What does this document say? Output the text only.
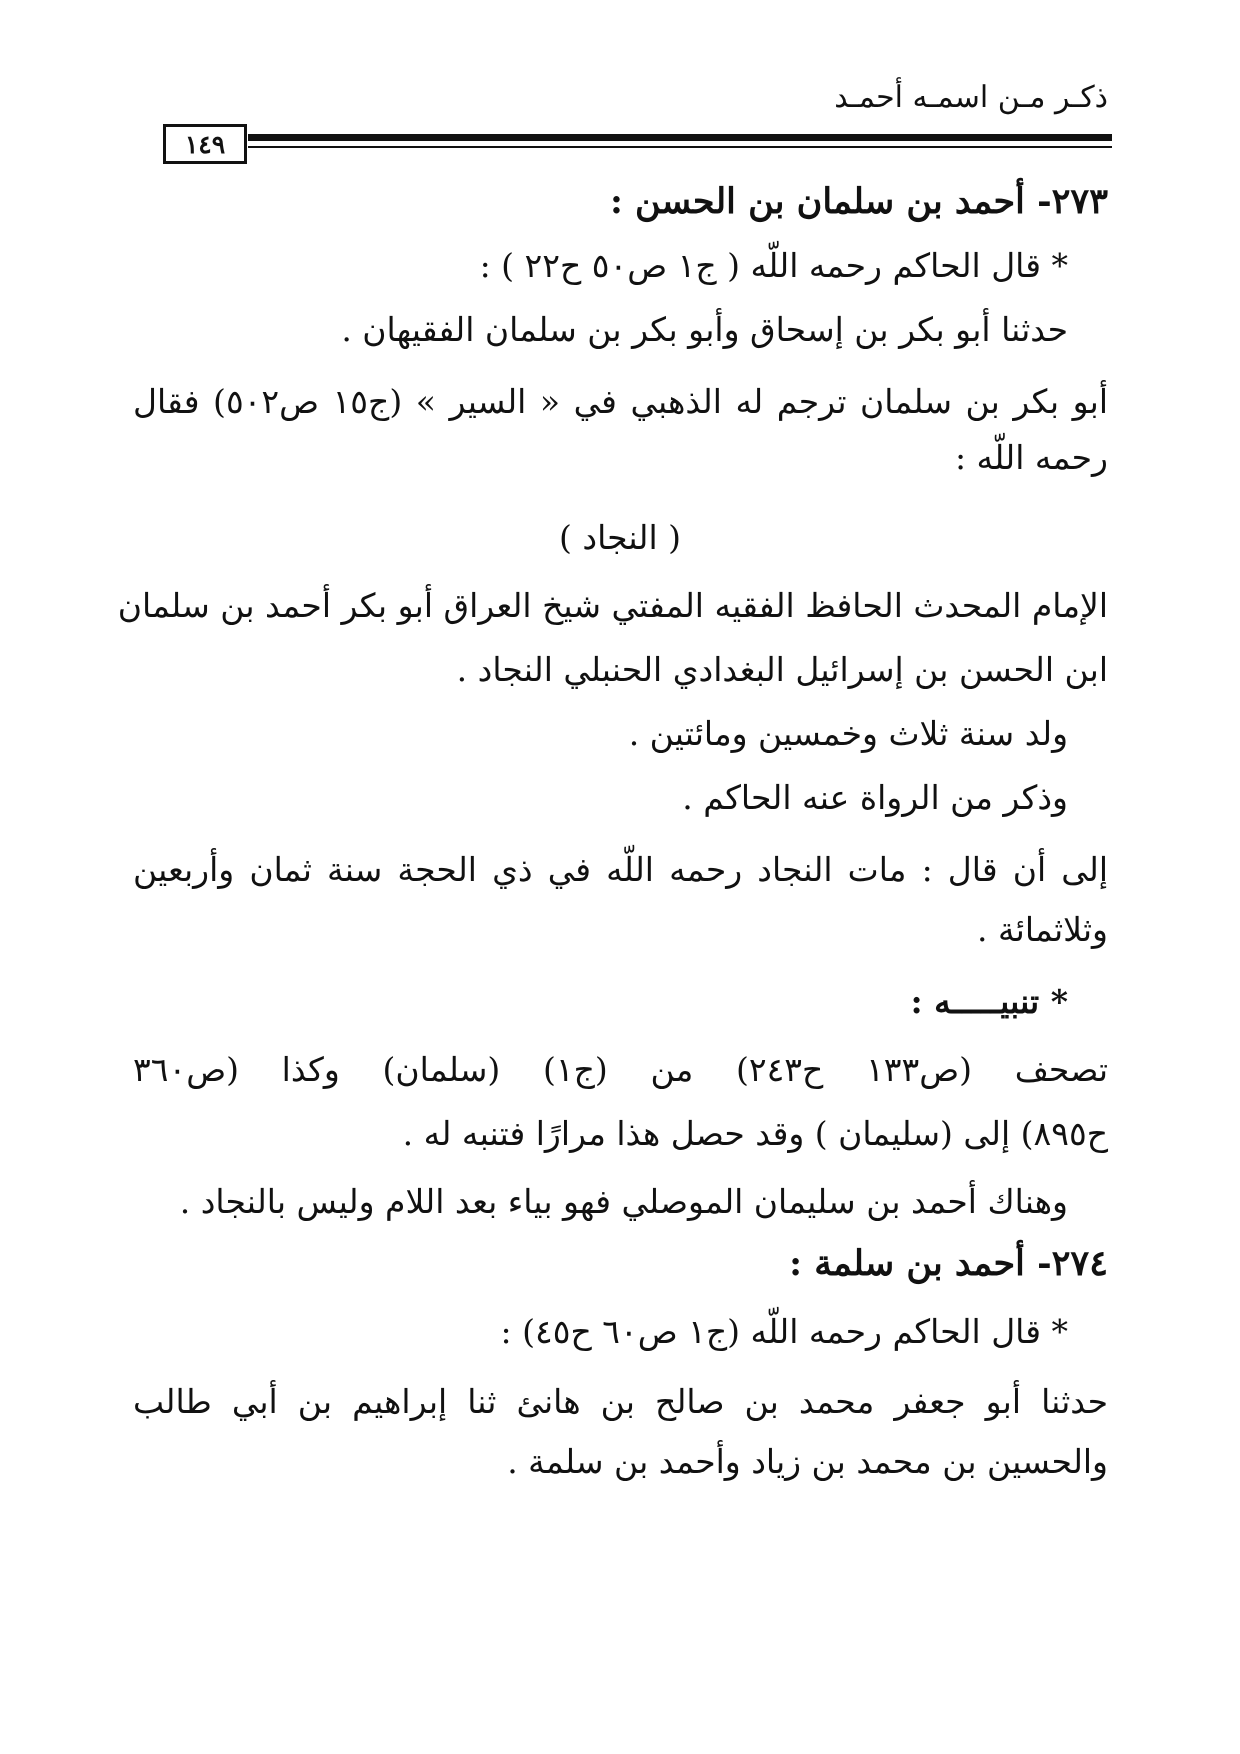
ذكـر مـن اسمـه أحمـد
١٤٩
٢٧٣- أحمد بن سلمان بن الحسن :
* قال الحاكم رحمه اللّه ( ج١ ص٥٠ ح٢٢ ) :
حدثنا أبو بكر بن إسحاق وأبو بكر بن سلمان الفقيهان .
أبو بكر بن سلمان ترجم له الذهبي في « السير » (ج١٥ ص٥٠٢) فقال
رحمه اللّه :
( النجاد )
الإمام المحدث الحافظ الفقيه المفتي شيخ العراق أبو بكر أحمد بن سلمان
ابن الحسن بن إسرائيل البغدادي الحنبلي النجاد .
ولد سنة ثلاث وخمسين ومائتين .
وذكر من الرواة عنه الحاكم .
إلى أن قال : مات النجاد رحمه اللّه في ذي الحجة سنة ثمان وأربعين
وثلاثمائة .
* تنبيـــــه :
تصحف (ص١٣٣ ح٢٤٣) من (ج١) (سلمان) وكذا (ص٣٦٠
ح٨٩٥) إلى (سليمان ) وقد حصل هذا مرارًا فتنبه له .
وهناك أحمد بن سليمان الموصلي فهو بياء بعد اللام وليس بالنجاد .
٢٧٤- أحمد بن سلمة :
* قال الحاكم رحمه اللّه (ج١ ص٦٠ ح٤٥) :
حدثنا أبو جعفر محمد بن صالح بن هانئ ثنا إبراهيم بن أبي طالب
والحسين بن محمد بن زياد وأحمد بن سلمة .
